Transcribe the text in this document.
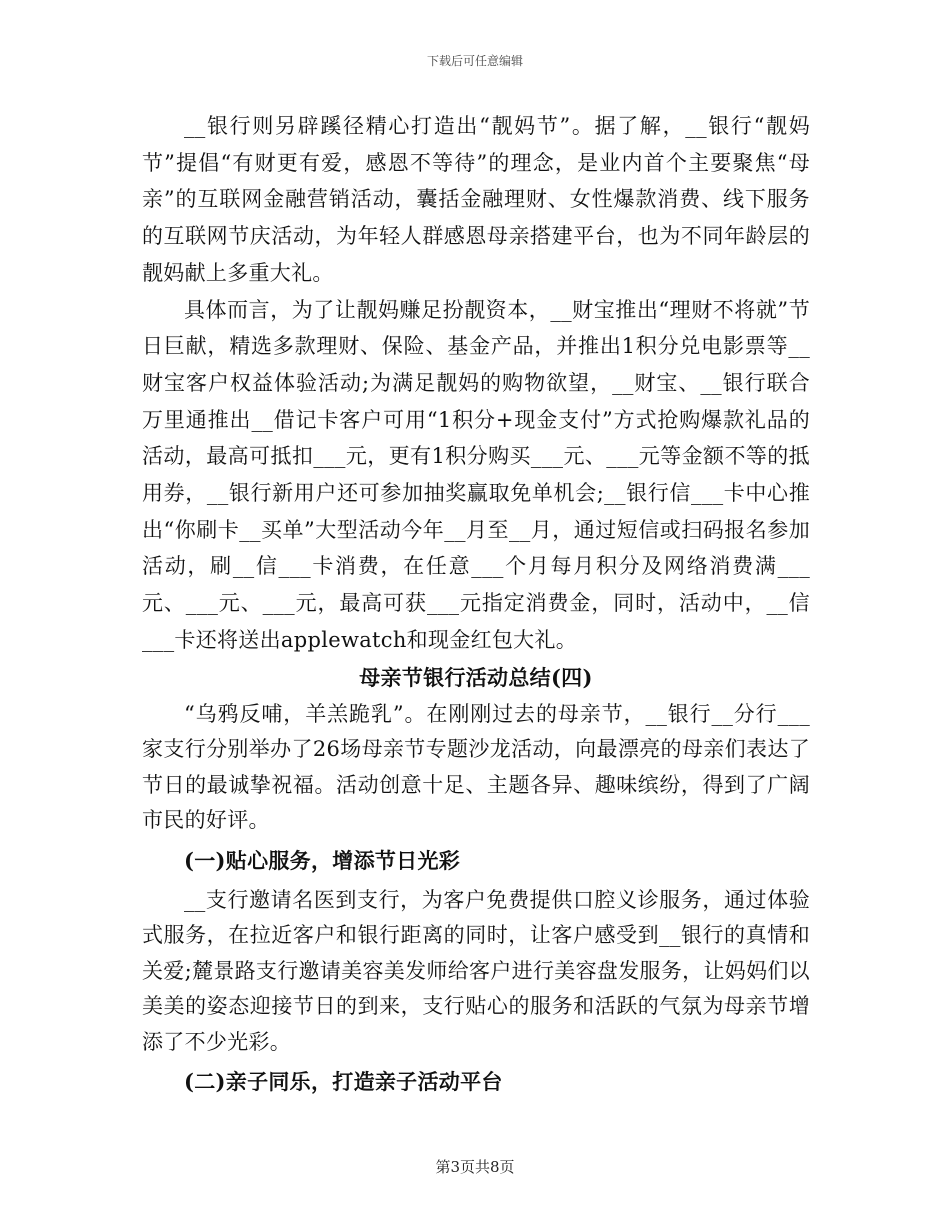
下载后可任意编辑

__银行则另辟蹊径精心打造出“靓妈节”。据了解，__银行“靓妈节”提倡“有财更有爱，感恩不等待”的理念，是业内首个主要聚焦“母亲”的互联网金融营销活动，囊括金融理财、女性爆款消费、线下服务的互联网节庆活动，为年轻人群感恩母亲搭建平台，也为不同年龄层的靓妈献上多重大礼。

具体而言，为了让靓妈赚足扮靓资本，__财宝推出“理财不将就”节日巨献，精选多款理财、保险、基金产品，并推出1积分兑电影票等__财宝客户权益体验活动;为满足靓妈的购物欲望，__财宝、__银行联合万里通推出__借记卡客户可用“1积分+现金支付”方式抢购爆款礼品的活动，最高可抵扣___元，更有1积分购买___元、___元等金额不等的抵用券，__银行新用户还可参加抽奖赢取免单机会;__银行信___卡中心推出“你刷卡__买单”大型活动今年__月至__月，通过短信或扫码报名参加活动，刷__信___卡消费，在任意___个月每月积分及网络消费满___元、___元、___元，最高可获___元指定消费金，同时，活动中，__信___卡还将送出applewatch和现金红包大礼。

母亲节银行活动总结(四)

“乌鸦反哺，羊羔跪乳”。在刚刚过去的母亲节，__银行__分行___家支行分别举办了26场母亲节专题沙龙活动，向最漂亮的母亲们表达了节日的最诚挚祝福。活动创意十足、主题各异、趣味缤纷，得到了广阔市民的好评。

(一)贴心服务，增添节日光彩

__支行邀请名医到支行，为客户免费提供口腔义诊服务，通过体验式服务，在拉近客户和银行距离的同时，让客户感受到__银行的真情和关爱;麓景路支行邀请美容美发师给客户进行美容盘发服务，让妈妈们以美美的姿态迎接节日的到来，支行贴心的服务和活跃的气氛为母亲节增添了不少光彩。

(二)亲子同乐，打造亲子活动平台
第3页共8页
